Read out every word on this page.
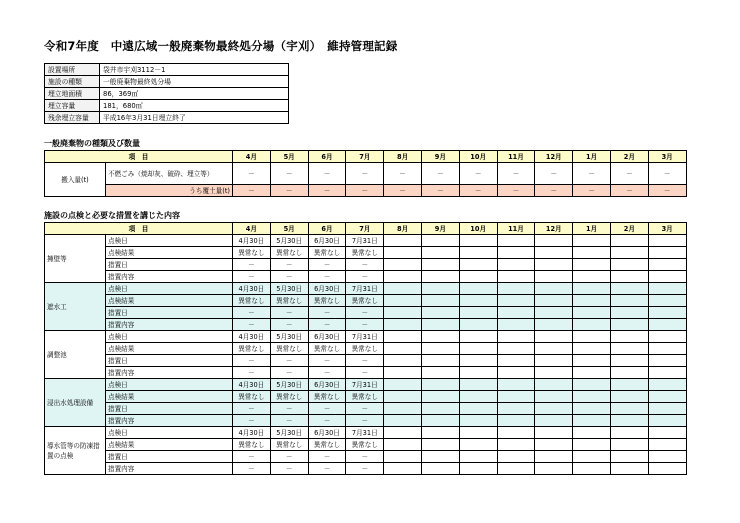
令和7年度　中遠広域一般廃棄物最終処分場（宇刈）　維持管理記録
設置場所	袋井市宇刈3112－1
施設の種類	一般廃棄物最終処分場
埋立地面積	86，369㎡
埋立容量	181，680㎥
残余埋立容量	平成16年3月31日埋立終了
一般廃棄物の種類及び数量
項　目		4月	5月	6月	7月	8月	9月	10月	11月	12月	1月	2月	3月
搬入量(t)	不燃ごみ（焼却灰、破砕、埋立等）	－	－	－	－	－	－	－	－	－	－	－	－
	うち覆土量(t)	－	－	－	－	－	－	－	－	－	－	－	－
施設の点検と必要な措置を講じた内容
項　目		4月	5月	6月	7月	8月	9月	10月	11月	12月	1月	2月	3月
擁壁等	点検日	4月30日	5月30日	6月30日	7月31日								
	点検結果	異常なし	異常なし	異常なし	異常なし								
	措置日	－	－	－	－								
	措置内容	－	－	－	－								
遮水工	点検日	4月30日	5月30日	6月30日	7月31日								
	点検結果	異常なし	異常なし	異常なし	異常なし								
	措置日	－	－	－	－								
	措置内容	－	－	－	－								
調整池	点検日	4月30日	5月30日	6月30日	7月31日								
	点検結果	異常なし	異常なし	異常なし	異常なし								
	措置日	－	－	－	－								
	措置内容	－	－	－	－								
浸出水処理設備	点検日	4月30日	5月30日	6月30日	7月31日								
	点検結果	異常なし	異常なし	異常なし	異常なし								
	措置日	－	－	－	－								
	措置内容	－	－	－	－								
導水管等の防凍措置の点検	点検日	4月30日	5月30日	6月30日	7月31日								
	点検結果	異常なし	異常なし	異常なし	異常なし								
	措置日	－	－	－	－								
	措置内容	－	－	－	－								
